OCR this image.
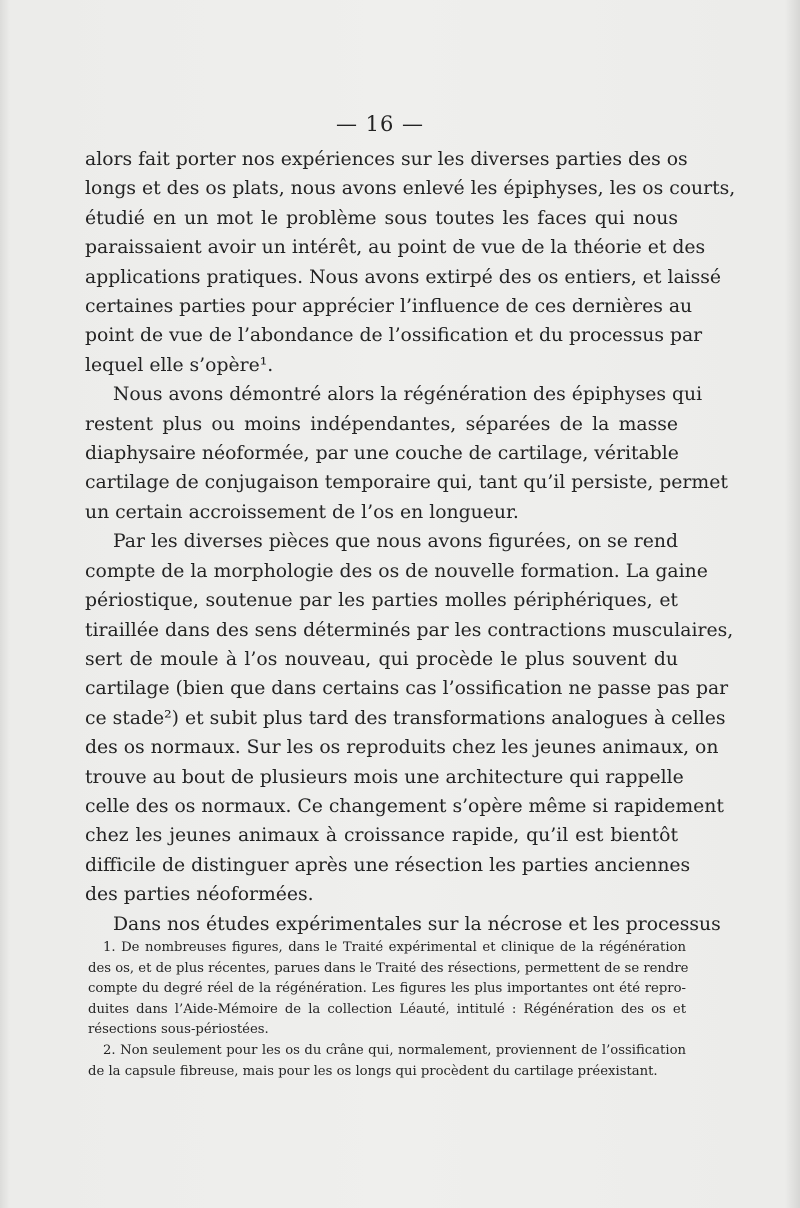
— 16 —

alors fait porter nos expériences sur les diverses parties des os
longs et des os plats, nous avons enlevé les épiphyses, les os courts,
étudié en un mot le problème sous toutes les faces qui nous
paraissaient avoir un intérêt, au point de vue de la théorie et des
applications pratiques. Nous avons extirpé des os entiers, et laissé
certaines parties pour apprécier l’influence de ces dernières au
point de vue de l’abondance de l’ossification et du processus par
lequel elle s’opère¹.

Nous avons démontré alors la régénération des épiphyses qui
restent plus ou moins indépendantes, séparées de la masse
diaphysaire néoformée, par une couche de cartilage, véritable
cartilage de conjugaison temporaire qui, tant qu’il persiste, permet
un certain accroissement de l’os en longueur.

Par les diverses pièces que nous avons figurées, on se rend
compte de la morphologie des os de nouvelle formation. La gaine
périostique, soutenue par les parties molles périphériques, et
tiraillée dans des sens déterminés par les contractions musculaires,
sert de moule à l’os nouveau, qui procède le plus souvent du
cartilage (bien que dans certains cas l’ossification ne passe pas par
ce stade²) et subit plus tard des transformations analogues à celles
des os normaux. Sur les os reproduits chez les jeunes animaux, on
trouve au bout de plusieurs mois une architecture qui rappelle
celle des os normaux. Ce changement s’opère même si rapidement
chez les jeunes animaux à croissance rapide, qu’il est bientôt
difficile de distinguer après une résection les parties anciennes
des parties néoformées.

Dans nos études expérimentales sur la nécrose et les processus

1. De nombreuses figures, dans le Traité expérimental et clinique de la régénération
des os, et de plus récentes, parues dans le Traité des résections, permettent de se rendre
compte du degré réel de la régénération. Les figures les plus importantes ont été repro-
duites dans l’Aide-Mémoire de la collection Léauté, intitulé : Régénération des os et
résections sous-périostées.
2. Non seulement pour les os du crâne qui, normalement, proviennent de l’ossification
de la capsule fibreuse, mais pour les os longs qui procèdent du cartilage préexistant.
